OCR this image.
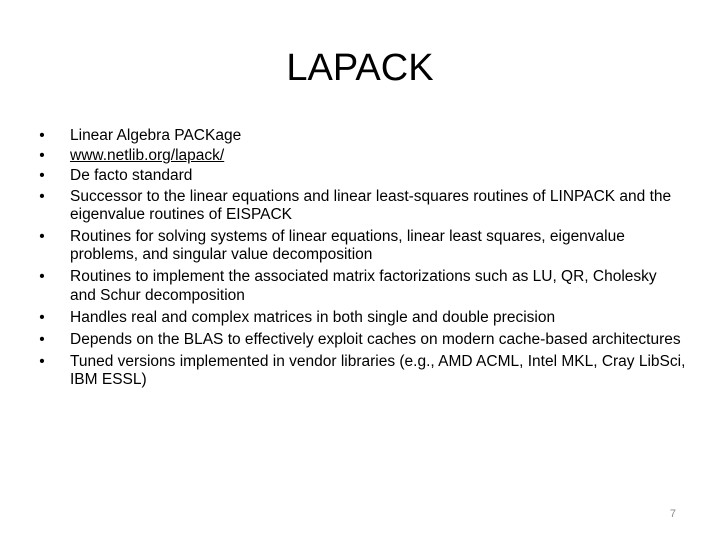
LAPACK
• Linear Algebra PACKage
• www.netlib.org/lapack/
• De facto standard
• Successor to the linear equations and linear least-squares routines of LINPACK and the eigenvalue routines of EISPACK
• Routines for solving systems of linear equations, linear least squares, eigenvalue problems, and singular value decomposition
• Routines to implement the associated matrix factorizations such as LU, QR, Cholesky and Schur decomposition
• Handles real and complex matrices in both single and double precision
• Depends on the BLAS to effectively exploit caches on modern cache-based architectures
• Tuned versions implemented in vendor libraries (e.g., AMD ACML, Intel MKL, Cray LibSci, IBM ESSL)
7
